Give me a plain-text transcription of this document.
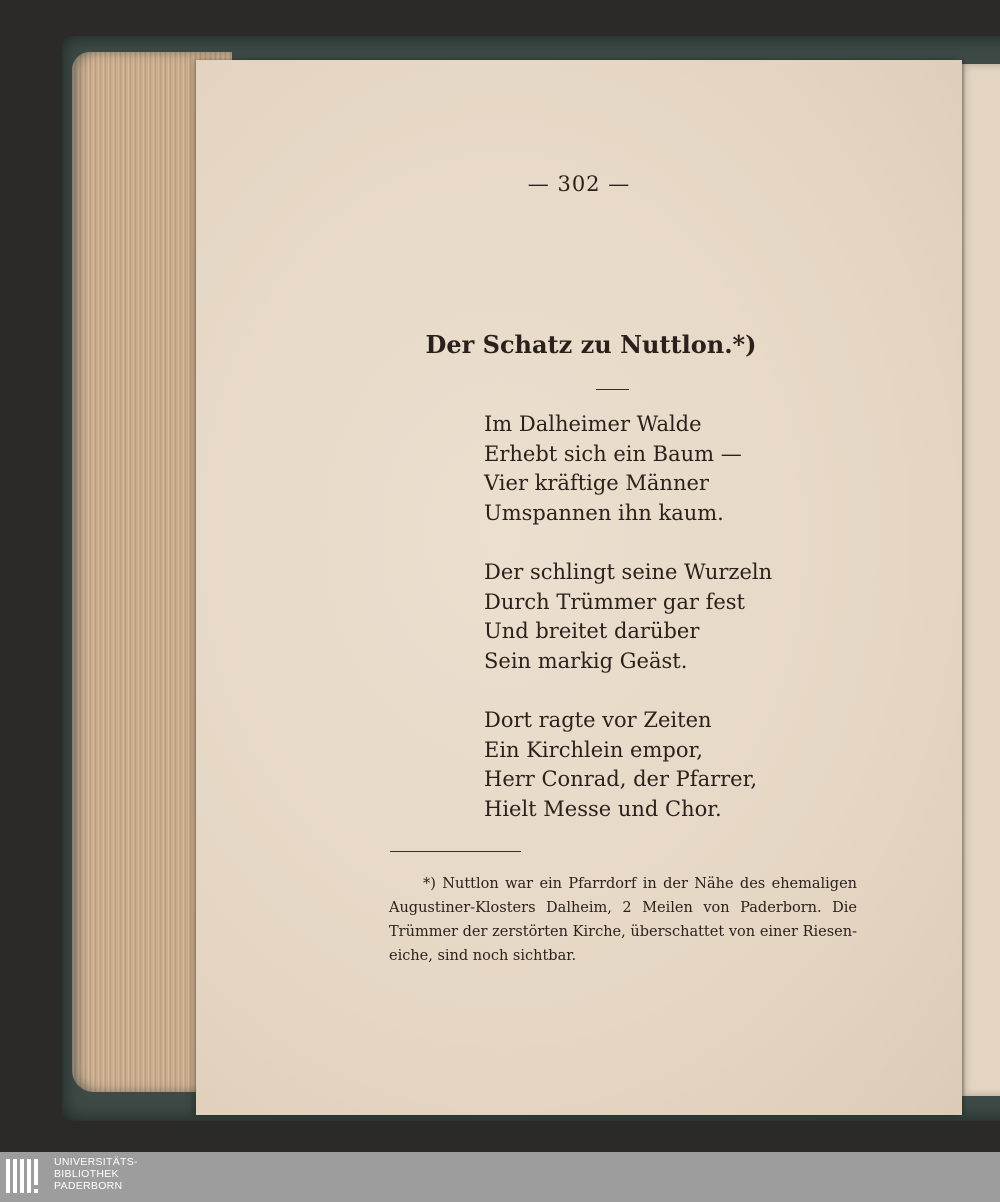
— 302 —
Der Schatz zu Nuttlon.*)
Im Dalheimer Walde
Erhebt sich ein Baum —
Vier kräftige Männer
Umspannen ihn kaum.
Der schlingt seine Wurzeln
Durch Trümmer gar fest
Und breitet darüber
Sein markig Geäst.
Dort ragte vor Zeiten
Ein Kirchlein empor,
Herr Conrad, der Pfarrer,
Hielt Messe und Chor.
*) Nuttlon war ein Pfarrdorf in der Nähe des ehemaligen Augustiner-Klosters Dalheim, 2 Meilen von Paderborn. Die Trümmer der zerstörten Kirche, überschattet von einer Riesen-eiche, sind noch sichtbar.
UNIVERSITÄTS-
BIBLIOTHEK
PADERBORN
